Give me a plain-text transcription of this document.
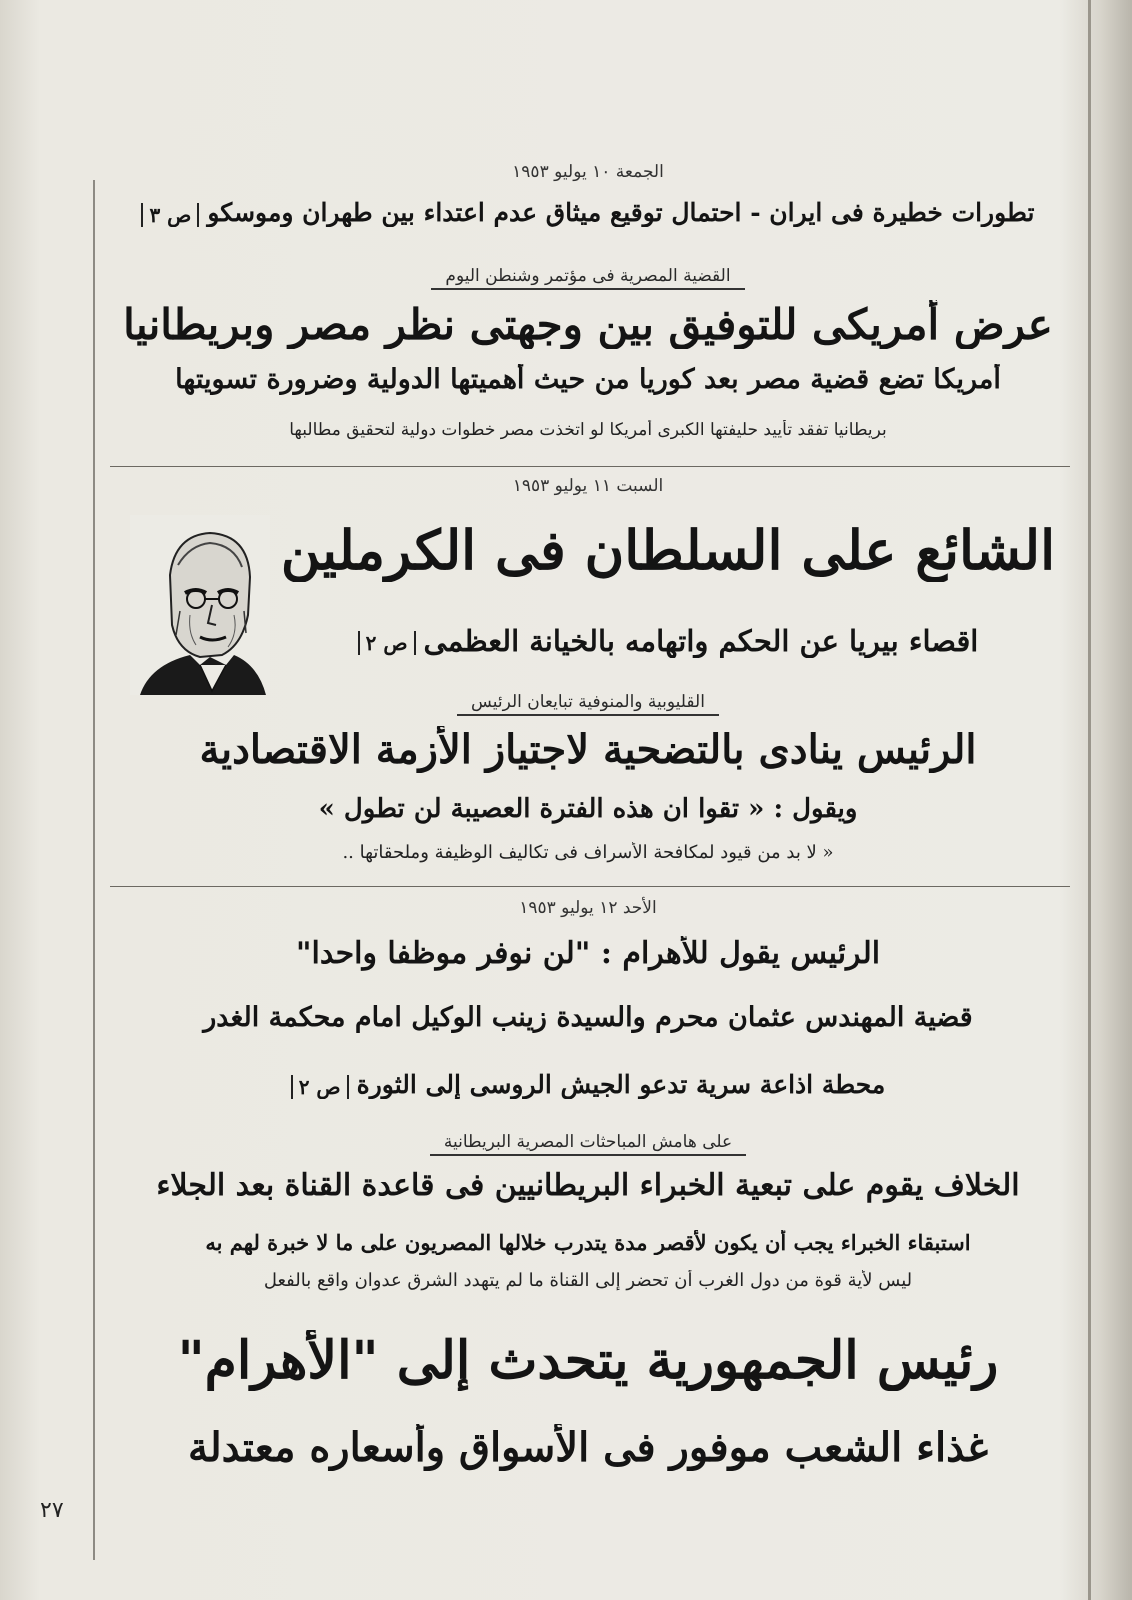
الجمعة ١٠ يوليو ١٩٥٣
تطورات خطيرة فى ايران - احتمال توقيع ميثاق عدم اعتداء بين طهران وموسكوص ٣
القضية المصرية فى مؤتمر وشنطن اليوم
عرض أمريكى للتوفيق بين وجهتى نظر مصر وبريطانيا
أمريكا تضع قضية مصر بعد كوريا من حيث أهميتها الدولية وضرورة تسويتها
بريطانيا تفقد تأييد حليفتها الكبرى أمريكا لو اتخذت مصر خطوات دولية لتحقيق مطالبها
السبت ١١ يوليو ١٩٥٣
الشائع على السلطان فى الكرملين
اقصاء بيريا عن الحكم واتهامه بالخيانة العظمىص ٢
القليوبية والمنوفية تبايعان الرئيس
الرئيس ينادى بالتضحية لاجتياز الأزمة الاقتصادية
ويقول : « تقوا ان هذه الفترة العصيبة لن تطول »
« لا بد من قيود لمكافحة الأسراف فى تكاليف الوظيفة وملحقاتها ..
الأحد ١٢ يوليو ١٩٥٣
الرئيس يقول للأهرام : "لن نوفر موظفا واحدا"
قضية المهندس عثمان محرم والسيدة زينب الوكيل امام محكمة الغدر
محطة اذاعة سرية تدعو الجيش الروسى إلى الثورةص ٢
على هامش المباحثات المصرية البريطانية
الخلاف يقوم على تبعية الخبراء البريطانيين فى قاعدة القناة بعد الجلاء
استبقاء الخبراء يجب أن يكون لأقصر مدة يتدرب خلالها المصريون على ما لا خبرة لهم به
ليس لأية قوة من دول الغرب أن تحضر إلى القناة ما لم يتهدد الشرق عدوان واقع بالفعل
رئيس الجمهورية يتحدث إلى "الأهرام"
غذاء الشعب موفور فى الأسواق وأسعاره معتدلة
٢٧
